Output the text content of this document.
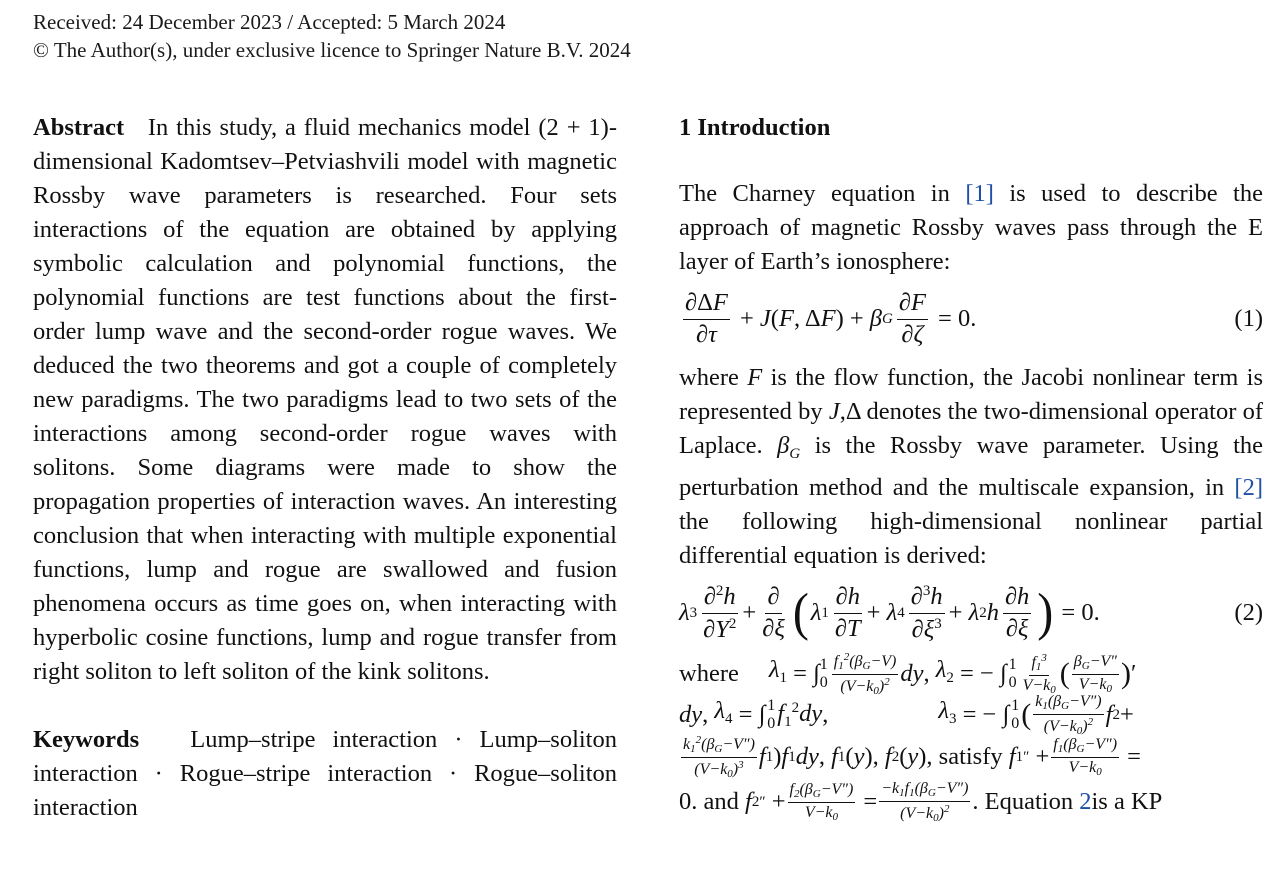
Received: 24 December 2023 / Accepted: 5 March 2024
© The Author(s), under exclusive licence to Springer Nature B.V. 2024

Abstract In this study, a fluid mechanics model (2 + 1)-dimensional Kadomtsev–Petviashvili model with magnetic Rossby wave parameters is researched. Four sets interactions of the equation are obtained by applying symbolic calculation and polynomial functions, the polynomial functions are test functions about the first-order lump wave and the second-order rogue waves. We deduced the two theorems and got a couple of completely new paradigms. The two paradigms lead to two sets of the interactions among second-order rogue waves with solitons. Some diagrams were made to show the propagation properties of interaction waves. An interesting conclusion that when interacting with multiple exponential functions, lump and rogue are swallowed and fusion phenomena occurs as time goes on, when interacting with hyperbolic cosine functions, lump and rogue transfer from right soliton to left soliton of the kink solitons.

Keywords Lump–stripe interaction · Lump–soliton interaction · Rogue–stripe interaction · Rogue–soliton interaction

1 Introduction

The Charney equation in [1] is used to describe the approach of magnetic Rossby waves pass through the E layer of Earth’s ionosphere:

$\frac{\partial\Delta F}{\partial\tau} + J$ ( F , Δ F ) + β G $\frac{\partial F}{\partial\zeta} = 0$.	(1)

where F is the flow function, the Jacobi nonlinear term is represented by J,Δ denotes the two-dimensional operator of Laplace. $\beta_G$ is the Rossby wave parameter. Using the perturbation method and the multiscale expansion, in [2] the following high-dimensional nonlinear partial differential equation is derived:

λ $3 \frac{\partial^2h}{\partial Y^2} + \frac{\partial}{\partial\xi}$ ( λ $1 \frac{\partial h}{\partial T} + \lambda$ $4 \frac{\partial^3h}{\partial\xi^3} + \lambda$ 2 h $\frac{\partial h}{\partial\xi}$ ) = 0.	(2)
where $\lambda_1$ = ∫ 1
$0 \frac{f1^2(\beta G-V)}{(V-k0)^2}$ dy , $\lambda_2$ = − ∫ 1
$0 \frac{f1^3}{V-k0}$ ( $\frac{\beta G-V''}{V-k0}$ ) ′
dy , $\lambda_4$ = ∫ 1
0 $f_1^2dy$ ,	$\lambda_3$ = − ∫ 1
0 ( $\frac{k1(\beta G-V'')}{(V-k0)^2}$ f 2 +
$\frac{k1^2(\beta G-V'')}{(V-k0)^3}$ f 1 ) f 1 dy , f 1 ( y ), f 2 ( y ), satisfy
f 1 ″ + $\frac{f1(\beta G-V'')}{V-k0}$ =
0. and
f 2 ″ + $\frac{f2(\beta G-V'')}{V-k0} = \frac{-k1f1(\beta G-V'')}{(V-k0)^2}$ . Equation
2 is a KP
